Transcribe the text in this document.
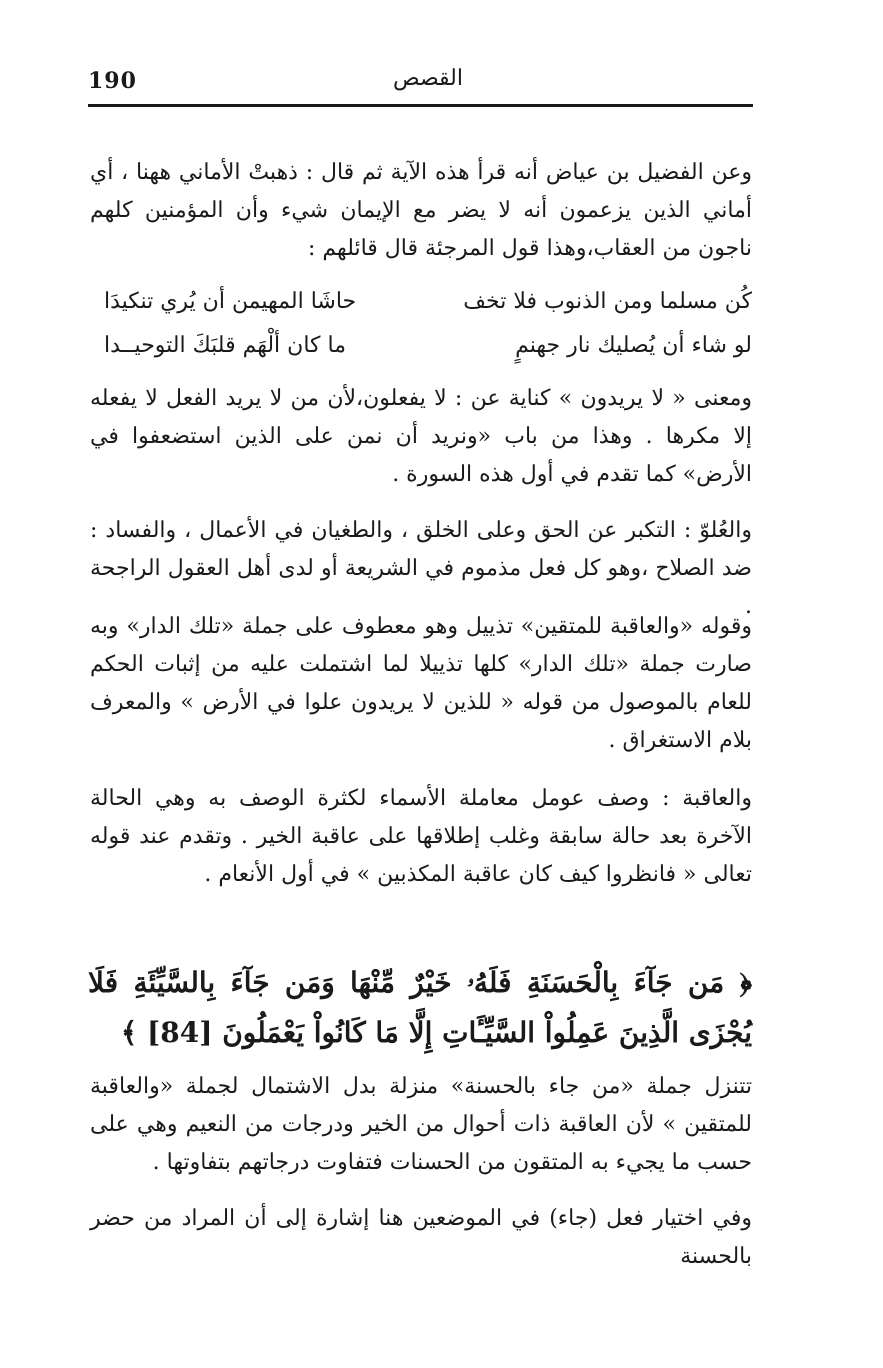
190	القصص

وعن الفضيل بن عياض أنه قرأ هذه الآية ثم قال : ذهبتْ الأماني ههنا ، أي أماني الذين يزعمون أنه لا يضر مع الإيمان شيء وأن المؤمنين كلهم ناجون من العقاب،وهذا قول المرجئة قال قائلهم :

كُن مسلما ومن الذنوب فلا تخف
حاشَا المهيمن أن يُري تنكيدَا
لو شاء أن يُصليك نار جهنمٍ
ما كان ألْهَم قلبَكَ التوحيــدا

ومعنى « لا يريدون » كناية عن : لا يفعلون،لأن من لا يريد الفعل لا يفعله إلا مكرها . وهذا من باب «ونريد أن نمن على الذين استضعفوا في الأرض» كما تقدم في أول هذه السورة .

والعُلوّ : التكبر عن الحق وعلى الخلق ، والطغيان في الأعمال ، والفساد : ضد الصلاح ،وهو كل فعل مذموم في الشريعة أو لدى أهل العقول الراجحة .

وقوله «والعاقبة للمتقين» تذييل وهو معطوف على جملة «تلك الدار» وبه صارت جملة «تلك الدار» كلها تذييلا لما اشتملت عليه من إثبات الحكم للعام بالموصول من قوله « للذين لا يريدون علوا في الأرض » والمعرف بلام الاستغراق .

والعاقبة : وصف عومل معاملة الأسماء لكثرة الوصف به وهي الحالة الآخرة بعد حالة سابقة وغلب إطلاقها على عاقبة الخير . وتقدم عند قوله تعالى « فانظروا كيف كان عاقبة المكذبين » في أول الأنعام .

﴿ مَن جَآءَ بِالْحَسَنَةِ فَلَهُۥ خَيْرٌ مِّنْهَا وَمَن جَآءَ بِالسَّيِّئَةِ فَلَا يُجْزَى الَّذِينَ عَمِلُواْ السَّيِّـَٔاتِ إِلَّا مَا كَانُواْ يَعْمَلُونَ [84] ﴾

تتنزل جملة «من جاء بالحسنة» منزلة بدل الاشتمال لجملة «والعاقبة للمتقين » لأن العاقبة ذات أحوال من الخير ودرجات من النعيم وهي على حسب ما يجيء به المتقون من الحسنات فتفاوت درجاتهم بتفاوتها .

وفي اختيار فعل (جاء) في الموضعين هنا إشارة إلى أن المراد من حضر بالحسنة
